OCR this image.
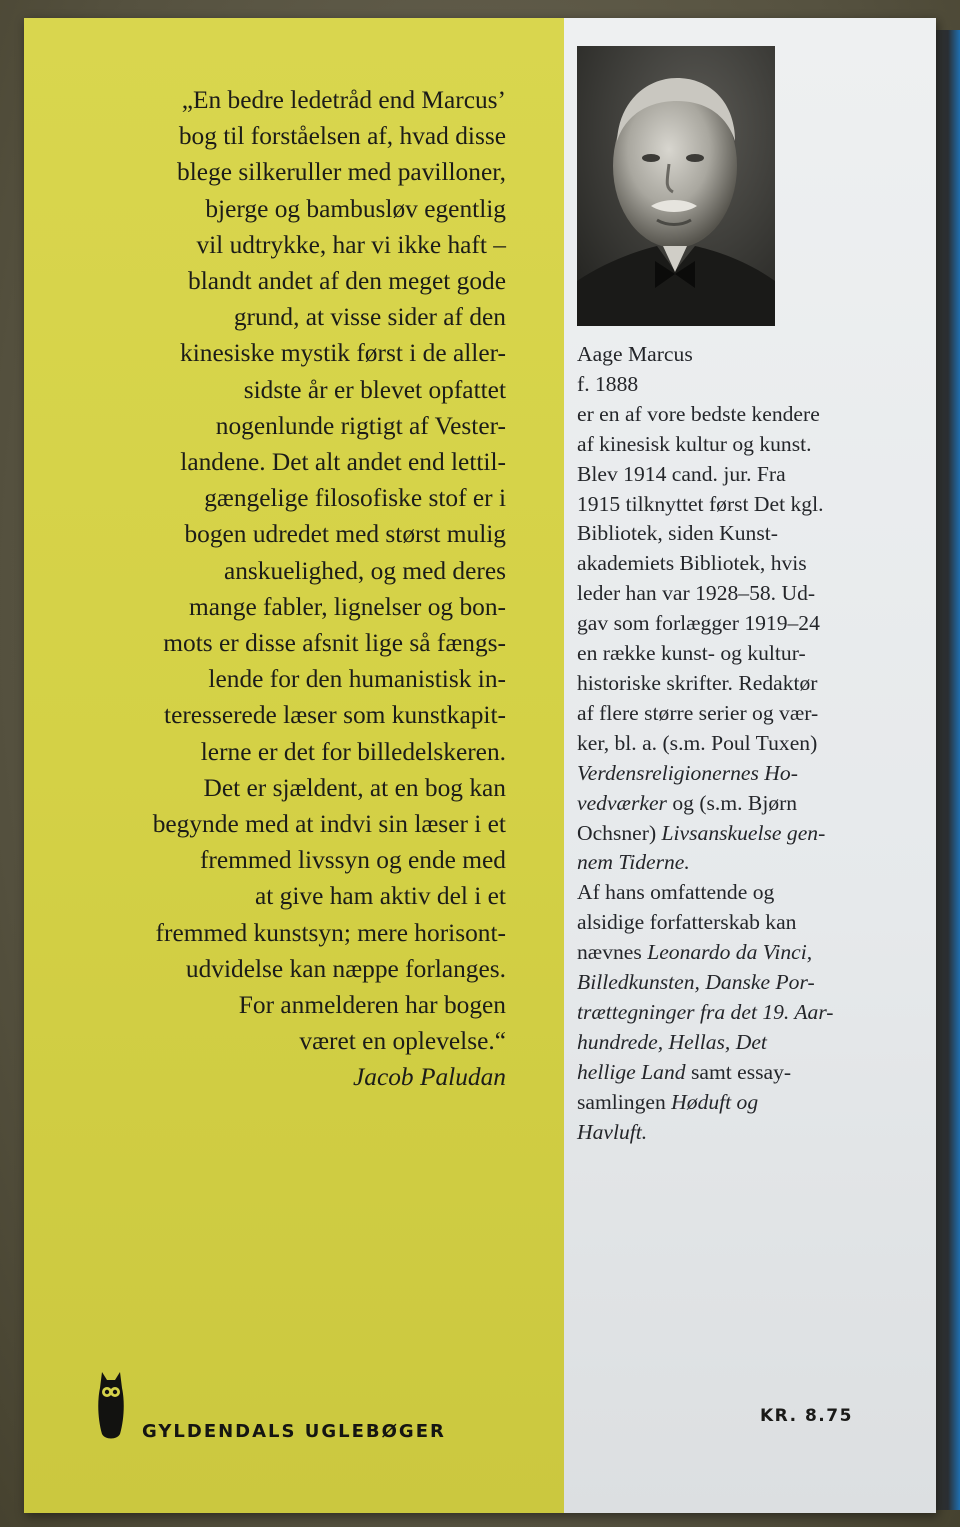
„En bedre ledetråd end Marcus’
bog til forståelsen af, hvad disse
blege silkeruller med pavilloner,
bjerge og bambusløv egentlig
vil udtrykke, har vi ikke haft –
blandt andet af den meget gode
grund, at visse sider af den
kinesiske mystik først i de aller-
sidste år er blevet opfattet
nogenlunde rigtigt af Vester-
landene. Det alt andet end lettil-
gængelige filosofiske stof er i
bogen udredet med størst mulig
anskuelighed, og med deres
mange fabler, lignelser og bon-
mots er disse afsnit lige så fængs-
lende for den humanistisk in-
teresserede læser som kunstkapit-
lerne er det for billedelskeren.
Det er sjældent, at en bog kan
begynde med at indvi sin læser i et
fremmed livssyn og ende med
at give ham aktiv del i et
fremmed kunstsyn; mere horisont-
udvidelse kan næppe forlanges.
For anmelderen har bogen
været en oplevelse.“
Jacob Paludan
GYLDENDALS UGLEBØGER
Aage Marcus
f. 1888
er en af vore bedste kendere
af kinesisk kultur og kunst.
Blev 1914 cand. jur. Fra
1915 tilknyttet først Det kgl.
Bibliotek, siden Kunst-
akademiets Bibliotek, hvis
leder han var 1928–58. Ud-
gav som forlægger 1919–24
en række kunst- og kultur-
historiske skrifter. Redaktør
af flere større serier og vær-
ker, bl. a. (s.m. Poul Tuxen)
Verdensreligionernes Ho-
vedværker og (s.m. Bjørn
Ochsner) Livsanskuelse gen-
nem Tiderne.
Af hans omfattende og
alsidige forfatterskab kan
nævnes Leonardo da Vinci,
Billedkunsten, Danske Por-
trættegninger fra det 19. Aar-
hundrede, Hellas, Det
hellige Land samt essay-
samlingen Høduft og
Havluft.
KR. 8.75
